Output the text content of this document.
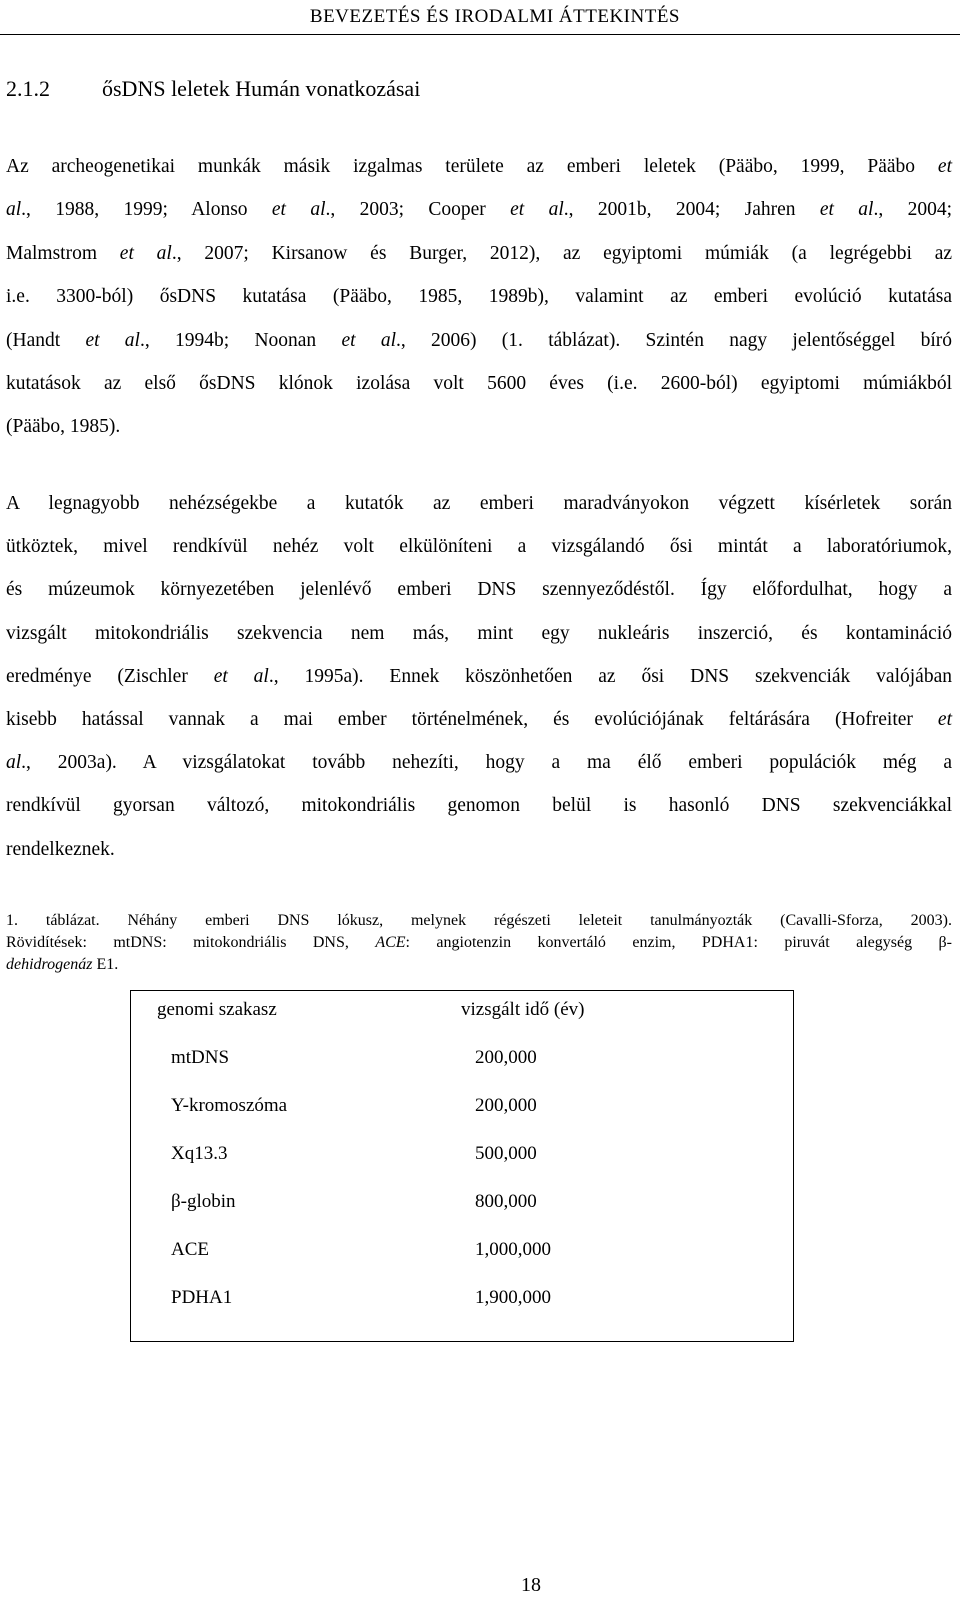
BEVEZETÉS ÉS IRODALMI ÁTTEKINTÉS
2.1.2 ősDNS leletek Humán vonatkozásai
Az archeogenetikai munkák másik izgalmas területe az emberi leletek (Pääbo, 1999, Pääbo et
al., 1988, 1999; Alonso et al., 2003; Cooper et al., 2001b, 2004; Jahren et al., 2004;
Malmstrom et al., 2007; Kirsanow és Burger, 2012), az egyiptomi múmiák (a legrégebbi az
i.e. 3300-ból) ősDNS kutatása (Pääbo, 1985, 1989b), valamint az emberi evolúció kutatása
(Handt et al., 1994b; Noonan et al., 2006) (1. táblázat). Szintén nagy jelentőséggel bíró
kutatások az első ősDNS klónok izolása volt 5600 éves (i.e. 2600-ból) egyiptomi múmiákból
(Pääbo, 1985).
A legnagyobb nehézségekbe a kutatók az emberi maradványokon végzett kísérletek során
ütköztek, mivel rendkívül nehéz volt elkülöníteni a vizsgálandó ősi mintát a laboratóriumok,
és múzeumok környezetében jelenlévő emberi DNS szennyeződéstől. Így előfordulhat, hogy a
vizsgált mitokondriális szekvencia nem más, mint egy nukleáris inszerció, és kontamináció
eredménye (Zischler et al., 1995a). Ennek köszönhetően az ősi DNS szekvenciák valójában
kisebb hatással vannak a mai ember történelmének, és evolúciójának feltárására (Hofreiter et
al., 2003a). A vizsgálatokat tovább nehezíti, hogy a ma élő emberi populációk még a
rendkívül gyorsan változó, mitokondriális genomon belül is hasonló DNS szekvenciákkal
rendelkeznek.
1. táblázat. Néhány emberi DNS lókusz, melynek régészeti leleteit tanulmányozták (Cavalli-Sforza, 2003).
Rövidítések: mtDNS: mitokondriális DNS, ACE: angiotenzin konvertáló enzim, PDHA1: piruvát alegység β-
dehidrogenáz E1.
genomi szakasz	vizsgált idő (év)
mtDNS	200,000
Y-kromoszóma	200,000
Xq13.3	500,000
β-globin	800,000
ACE	1,000,000
PDHA1	1,900,000
18
